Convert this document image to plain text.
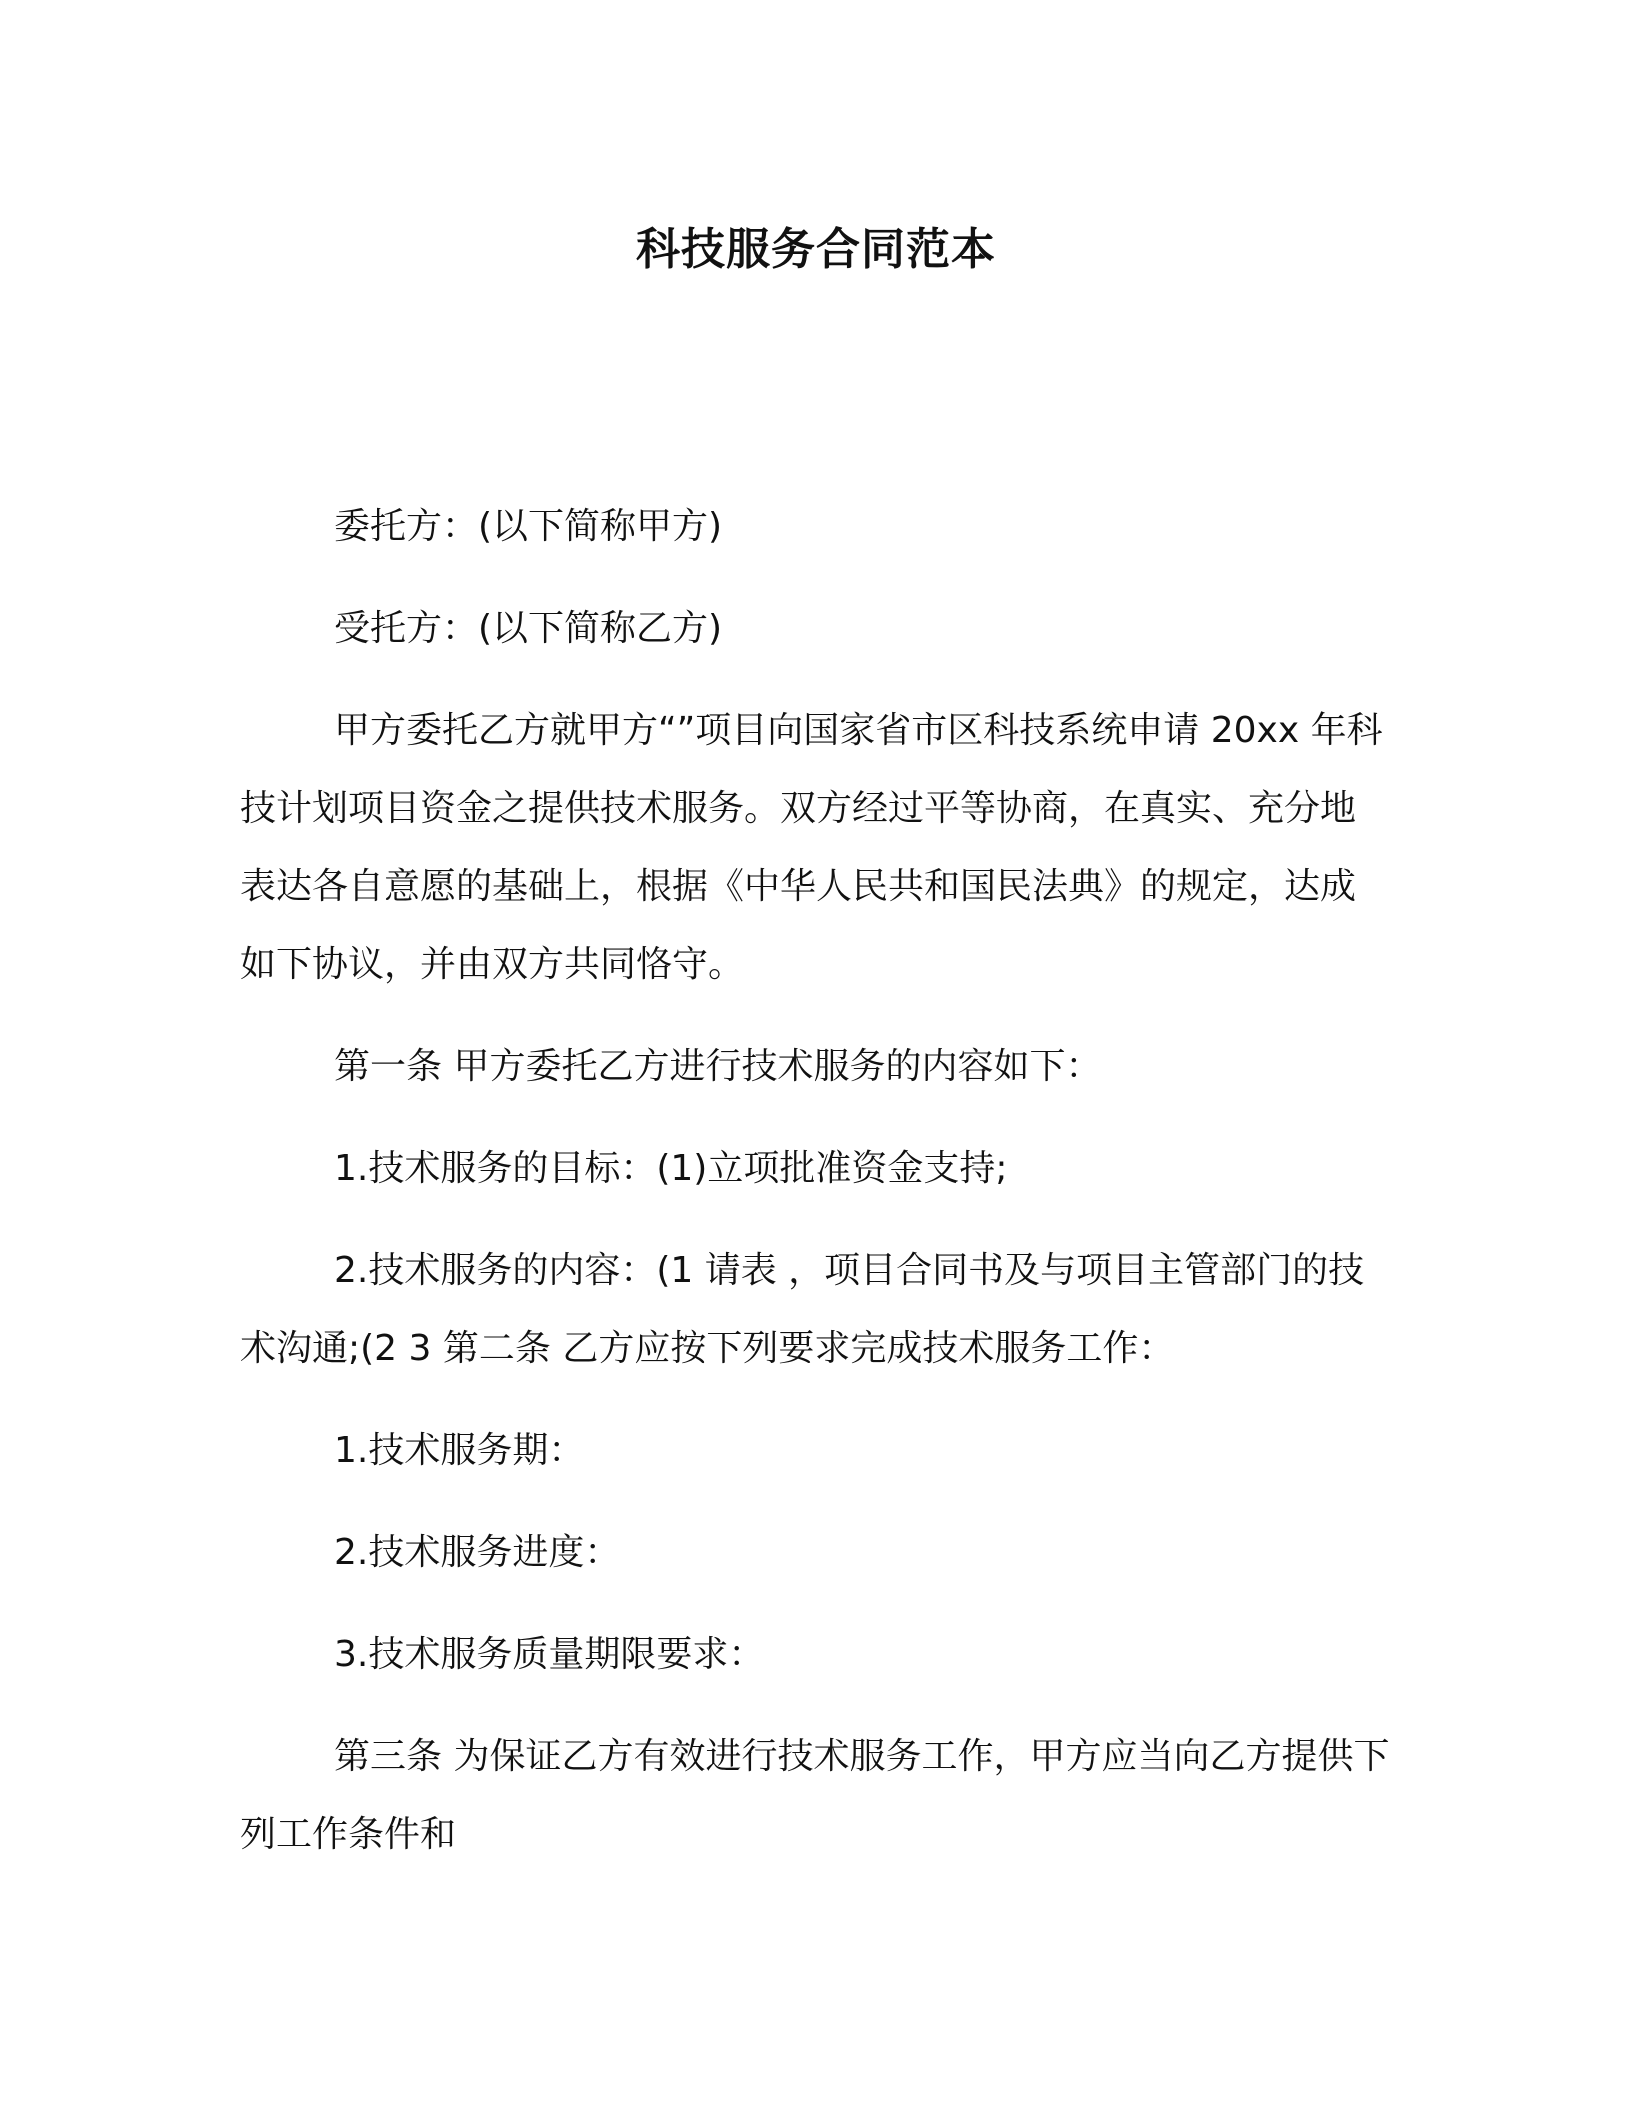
科技服务合同范本

委托方：(以下简称甲方)

受托方：(以下简称乙方)

甲方委托乙方就甲方“”项目向国家省市区科技系统申请 20xx 年科技计划项目资金之提供技术服务。双方经过平等协商，在真实、充分地表达各自意愿的基础上，根据《中华人民共和国民法典》的规定，达成如下协议，并由双方共同恪守。

第一条 甲方委托乙方进行技术服务的内容如下：

1.技术服务的目标：(1)立项批准资金支持;

2.技术服务的内容：(1 请表 ，项目合同书及与项目主管部门的技术沟通;(2 3 第二条 乙方应按下列要求完成技术服务工作：

1.技术服务期：

2.技术服务进度：

3.技术服务质量期限要求：

第三条 为保证乙方有效进行技术服务工作，甲方应当向乙方提供下列工作条件和
